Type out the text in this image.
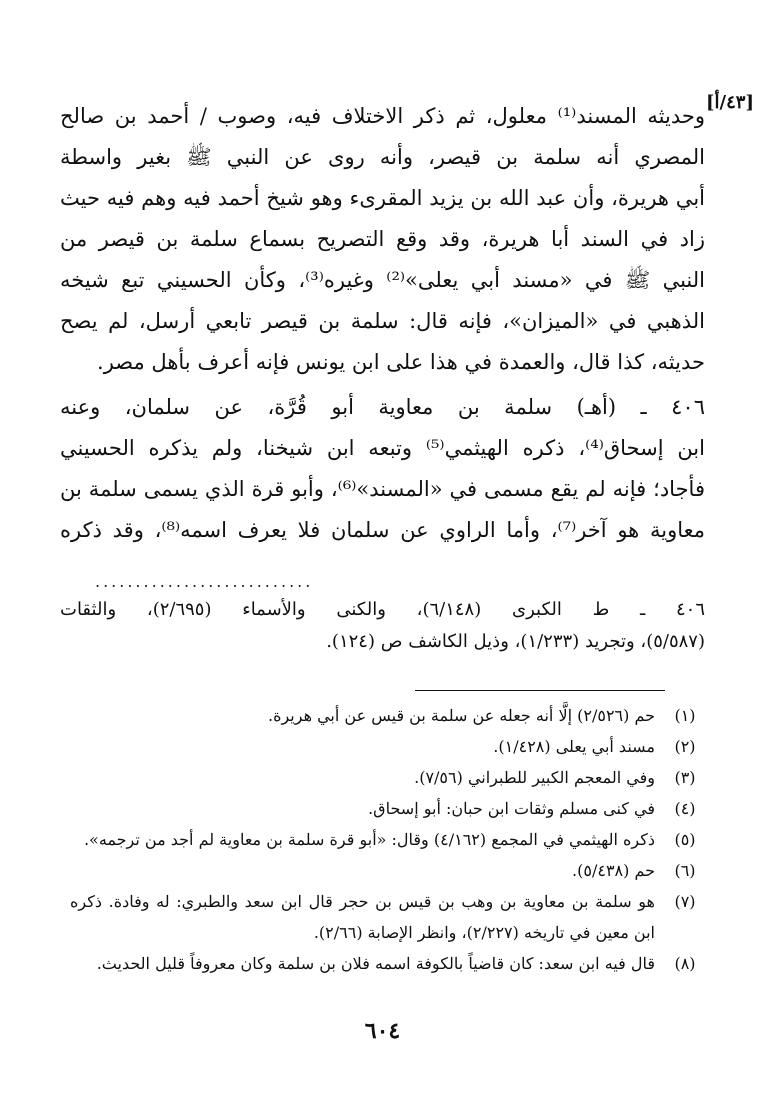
[٤٣/أ]
وحديثه المسند⁽¹⁾ معلول، ثم ذكر الاختلاف فيه، وصوب / أحمد بن صالح
المصري أنه سلمة بن قيصر، وأنه روى عن النبي ﷺ بغير واسطة
أبي هريرة، وأن عبد الله بن يزيد المقرىء وهو شيخ أحمد فيه وهم فيه حيث
زاد في السند أبا هريرة، وقد وقع التصريح بسماع سلمة بن قيصر من
النبي ﷺ في «مسند أبي يعلى»⁽²⁾ وغيره⁽³⁾، وكأن الحسيني تبع شيخه
الذهبي في «الميزان»، فإنه قال: سلمة بن قيصر تابعي أرسل، لم يصح
حديثه، كذا قال، والعمدة في هذا على ابن يونس فإنه أعرف بأهل مصر.
٤٠٦ ـ (أهـ) سلمة بن معاوية أبو قُرَّة، عن سلمان، وعنه
ابن إسحاق⁽⁴⁾، ذكره الهيثمي⁽⁵⁾ وتبعه ابن شيخنا، ولم يذكره الحسيني
فأجاد؛ فإنه لم يقع مسمى في «المسند»⁽⁶⁾، وأبو قرة الذي يسمى سلمة بن
معاوية هو آخر⁽⁷⁾، وأما الراوي عن سلمان فلا يعرف اسمه⁽⁸⁾، وقد ذكره
...........................
٤٠٦ ـ ط الكبرى (٦/١٤٨)، والكنى والأسماء (٢/٦٩٥)، والثقات
(٥/٥٨٧)، وتجريد (١/٢٣٣)، وذيل الكاشف ص (١٢٤).
(١)
حم (٢/٥٢٦) إلَّا أنه جعله عن سلمة بن قيس عن أبي هريرة.
(٢)
مسند أبي يعلى (١/٤٢٨).
(٣)
وفي المعجم الكبير للطبراني (٧/٥٦).
(٤)
في كنى مسلم وثقات ابن حبان: أبو إسحاق.
(٥)
ذكره الهيثمي في المجمع (٤/١٦٢) وقال: «أبو قرة سلمة بن معاوية لم أجد من ترجمه».
(٦)
حم (٥/٤٣٨).
(٧)
هو سلمة بن معاوية بن وهب بن قيس بن حجر قال ابن سعد والطبري: له وفادة. ذكره
ابن معين في تاريخه (٢/٢٢٧)، وانظر الإصابة (٢/٦٦).
(٨)
قال فيه ابن سعد: كان قاضياً بالكوفة اسمه فلان بن سلمة وكان معروفاً قليل الحديث.
٦٠٤
